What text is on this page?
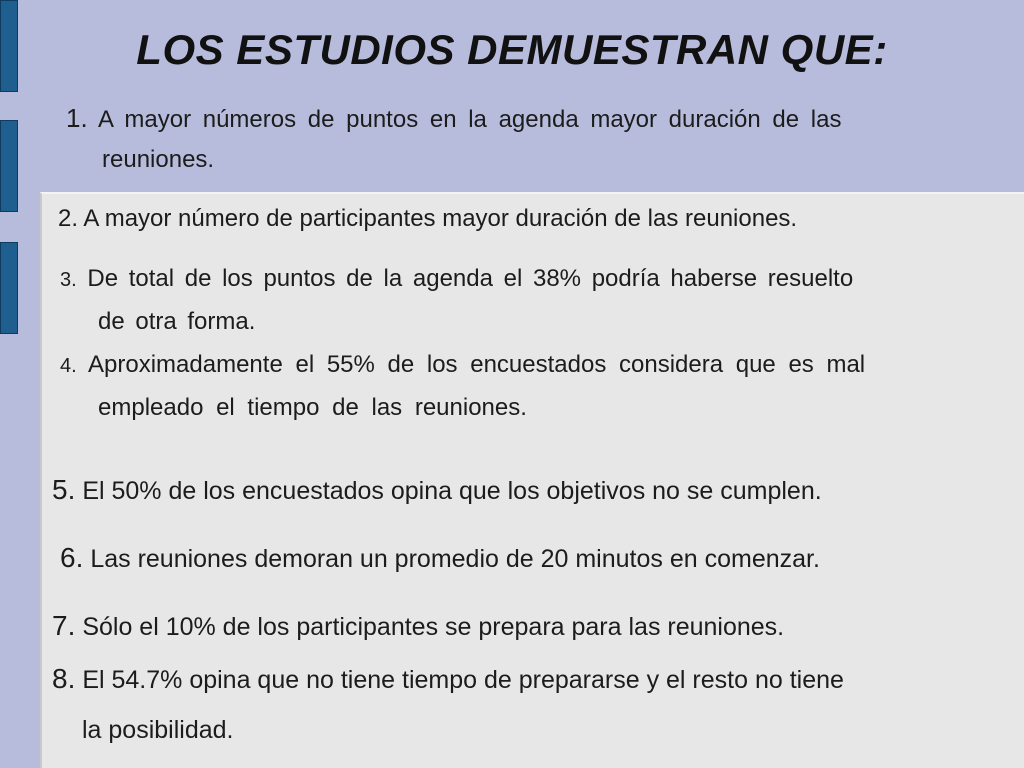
LOS ESTUDIOS DEMUESTRAN QUE:
1. A mayor números de puntos en la agenda mayor duración de las
reuniones.
2. A mayor número de participantes mayor duración de las reuniones.
3. De total de los puntos de la agenda el 38% podría haberse resuelto
de otra forma.
4. Aproximadamente el 55% de los encuestados considera que es mal
empleado el tiempo de las reuniones.
5. El 50% de los encuestados opina que los objetivos no se cumplen.
6. Las reuniones demoran un promedio de 20 minutos en comenzar.
7. Sólo el 10% de los participantes se prepara para las reuniones.
8. El 54.7% opina que no tiene tiempo de prepararse y el resto no tiene
la posibilidad.
